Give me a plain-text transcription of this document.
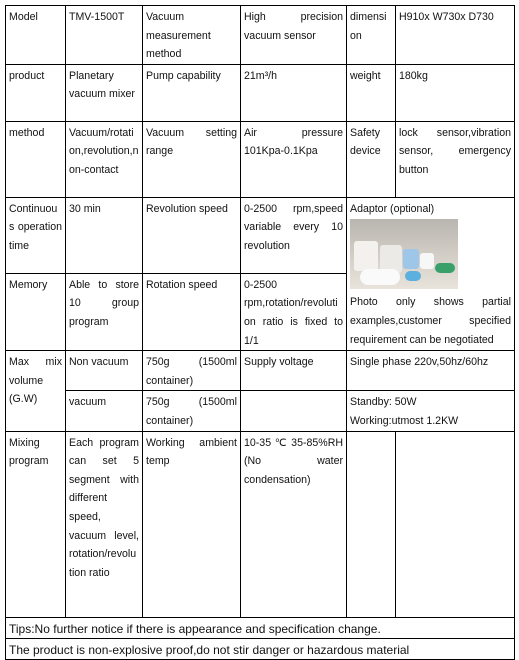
Model	TMV-1500T	Vacuum measurement method	High precision vacuum sensor	dimension	H910x W730x D730
product	Planetary vacuum mixer	Pump capability	21m³/h	weight	180kg
method	Vacuum/rotation,revolution,non-contact	Vacuum setting range	Air pressure 101Kpa-0.1Kpa	Safety device	lock sensor,vibration sensor, emergency button
Continuous operation time	30 min	Revolution speed	0-2500 rpm,speed variable every 10 revolution	Adaptor (optional)
Photo only shows partial examples,customer specified requirement can be negotiated	

Memory	Able to store 10 group program	Rotation speed	0-2500 rpm,rotation/revolution ratio is fixed to 1/1		
Max mix volume (G.W)	Non vacuum	750g (1500ml container)	Supply voltage	Single phase 220v,50hz/60hz	
	vacuum	750g (1500ml container)		Standby: 50W
Working:utmost 1.2KW	

Mixing program	Each program can set 5 segment with different speed, vacuum level, rotation/revolution ratio	Working ambient temp	10-35 ℃ 35-85%RH (No water condensation)		
Tips:No further notice if there is appearance and specification change.					
The product is non-explosive proof,do not stir danger or hazardous material					
